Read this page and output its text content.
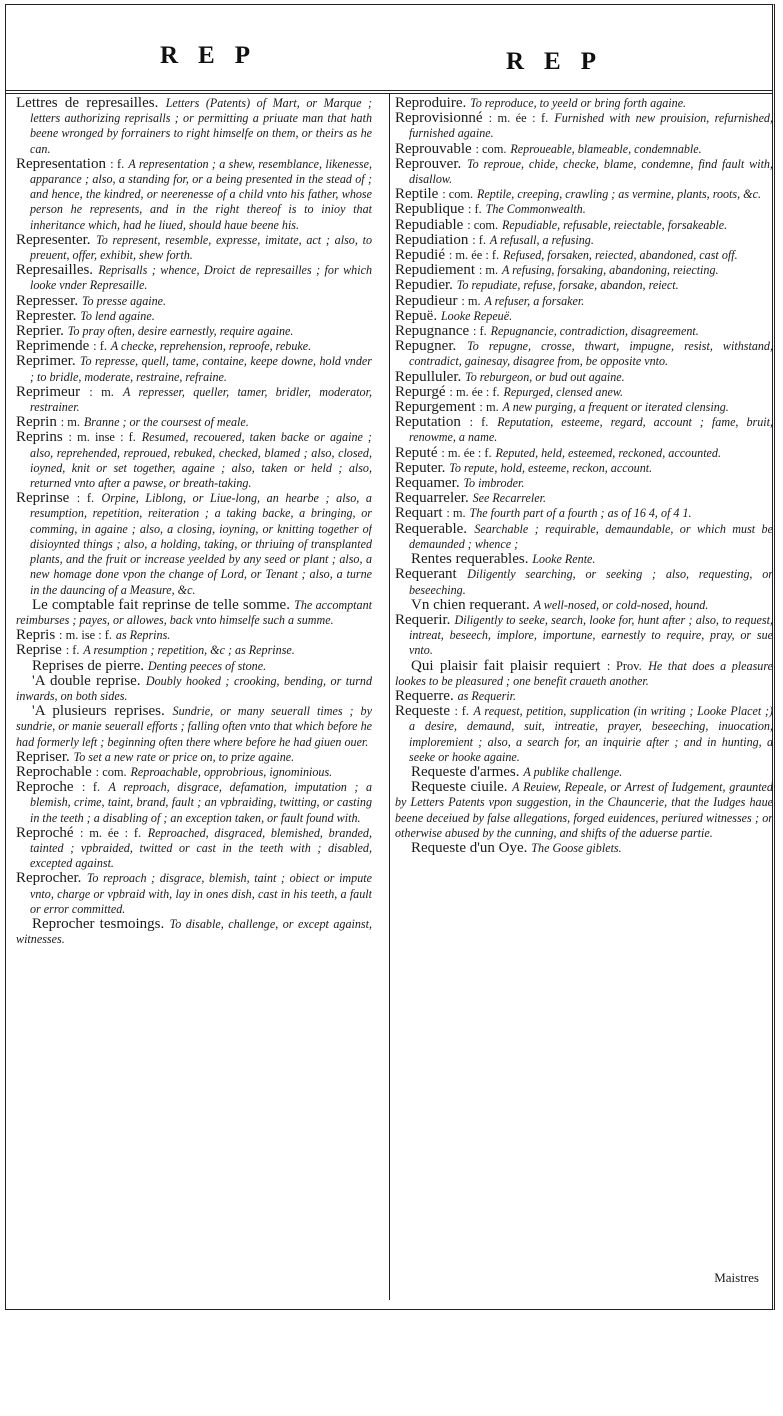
REP	REP

Lettres de represailles. Letters (Patents) of Mart, or Marque ; letters authorizing reprisalls ; or permitting a priuate man that hath beene wronged by forrainers to right himselfe on them, or theirs as he can.

Representation : f. A representation ; a shew, resemblance, likenesse, apparance ; also, a standing for, or a being presented in the stead of ; and hence, the kindred, or neerenesse of a child vnto his father, whose person he represents, and in the right thereof is to inioy that inheritance which, had he liued, should haue beene his.

Representer. To represent, resemble, expresse, imitate, act ; also, to preuent, offer, exhibit, shew forth.

Represailles. Reprisalls ; whence, Droict de represailles ; for which looke vnder Represaille.

Represser. To presse againe.

Represter. To lend againe.

Reprier. To pray often, desire earnestly, require againe.

Reprimende : f. A checke, reprehension, reproofe, rebuke.

Reprimer. To represse, quell, tame, containe, keepe downe, hold vnder ; to bridle, moderate, restraine, refraine.

Reprimeur : m. A represser, queller, tamer, bridler, moderator, restrainer.

Reprin : m. Branne ; or the coursest of meale.

Reprins : m. inse : f. Resumed, recouered, taken backe or againe ; also, reprehended, reproued, rebuked, checked, blamed ; also, closed, ioyned, knit or set together, againe ; also, taken or held ; also, returned vnto after a pawse, or breath-taking.

Reprinse : f. Orpine, Liblong, or Liue-long, an hearbe ; also, a resumption, repetition, reiteration ; a taking backe, a bringing, or comming, in againe ; also, a closing, ioyning, or knitting together of disioynted things ; also, a holding, taking, or thriuing of transplanted plants, and the fruit or increase yeelded by any seed or plant ; also, a new homage done vpon the change of Lord, or Tenant ; also, a turne in the dauncing of a Measure, &c.

Le comptable fait reprinse de telle somme. The accomptant reimburses ; payes, or allowes, back vnto himselfe such a summe.

Repris : m. ise : f. as Reprins.

Reprise : f. A resumption ; repetition, &c ; as Reprinse.

Reprises de pierre. Denting peeces of stone.

'A double reprise. Doubly hooked ; crooking, bending, or turnd inwards, on both sides.

'A plusieurs reprises. Sundrie, or many seuerall times ; by sundrie, or manie seuerall efforts ; falling often vnto that which before he had formerly left ; beginning often there where before he had giuen ouer.

Repriser. To set a new rate or price on, to prize againe.

Reprochable : com. Reproachable, opprobrious, ignominious.

Reproche : f. A reproach, disgrace, defamation, imputation ; a blemish, crime, taint, brand, fault ; an vpbraiding, twitting, or casting in the teeth ; a disabling of ; an exception taken, or fault found with.

Reproché : m. ée : f. Reproached, disgraced, blemished, branded, tainted ; vpbraided, twitted or cast in the teeth with ; disabled, excepted against.

Reprocher. To reproach ; disgrace, blemish, taint ; obiect or impute vnto, charge or vpbraid with, lay in ones dish, cast in his teeth, a fault or error committed.

Reprocher tesmoings. To disable, challenge, or except against, witnesses.

Reproduire. To reproduce, to yeeld or bring forth againe.

Reprovisionné : m. ée : f. Furnished with new prouision, refurnished, furnished againe.

Reprouvable : com. Reproueable, blameable, condemnable.

Reprouver. To reproue, chide, checke, blame, condemne, find fault with, disallow.

Reptile : com. Reptile, creeping, crawling ; as vermine, plants, roots, &c.

Republique : f. The Commonwealth.

Repudiable : com. Repudiable, refusable, reiectable, forsakeable.

Repudiation : f. A refusall, a refusing.

Repudié : m. ée : f. Refused, forsaken, reiected, abandoned, cast off.

Repudiement : m. A refusing, forsaking, abandoning, reiecting.

Repudier. To repudiate, refuse, forsake, abandon, reiect.

Repudieur : m. A refuser, a forsaker.

Repuë. Looke Repeuë.

Repugnance : f. Repugnancie, contradiction, disagreement.

Repugner. To repugne, crosse, thwart, impugne, resist, withstand, contradict, gainesay, disagree from, be opposite vnto.

Repulluler. To reburgeon, or bud out againe.

Repurgé : m. ée : f. Repurged, clensed anew.

Repurgement : m. A new purging, a frequent or iterated clensing.

Reputation : f. Reputation, esteeme, regard, account ; fame, bruit, renowme, a name.

Reputé : m. ée : f. Reputed, held, esteemed, reckoned, accounted.

Reputer. To repute, hold, esteeme, reckon, account.

Requamer. To imbroder.

Requarreler. See Recarreler.

Requart : m. The fourth part of a fourth ; as of 16 4, of 4 1.

Requerable. Searchable ; requirable, demaundable, or which must be demaunded ; whence ;

Rentes requerables. Looke Rente.

Requerant Diligently searching, or seeking ; also, requesting, or beseeching.

Vn chien requerant. A well-nosed, or cold-nosed, hound.

Requerir. Diligently to seeke, search, looke for, hunt after ; also, to request, intreat, beseech, implore, importune, earnestly to require, pray, or sue vnto.

Qui plaisir fait plaisir requiert : Prov. He that does a pleasure lookes to be pleasured ; one benefit craueth another.

Requerre. as Requerir.

Requeste : f. A request, petition, supplication (in writing ; Looke Placet ;) a desire, demaund, suit, intreatie, prayer, beseeching, inuocation, imploremient ; also, a search for, an inquirie after ; and in hunting, a seeke or hooke againe.

Requeste d'armes. A publike challenge.

Requeste ciuile. A Reuiew, Repeale, or Arrest of Iudgement, graunted by Letters Patents vpon suggestion, in the Chauncerie, that the Iudges haue beene deceiued by false allegations, forged euidences, periured witnesses ; or otherwise abused by the cunning, and shifts of the aduerse partie.

Requeste d'un Oye. The Goose giblets.

Maistres
